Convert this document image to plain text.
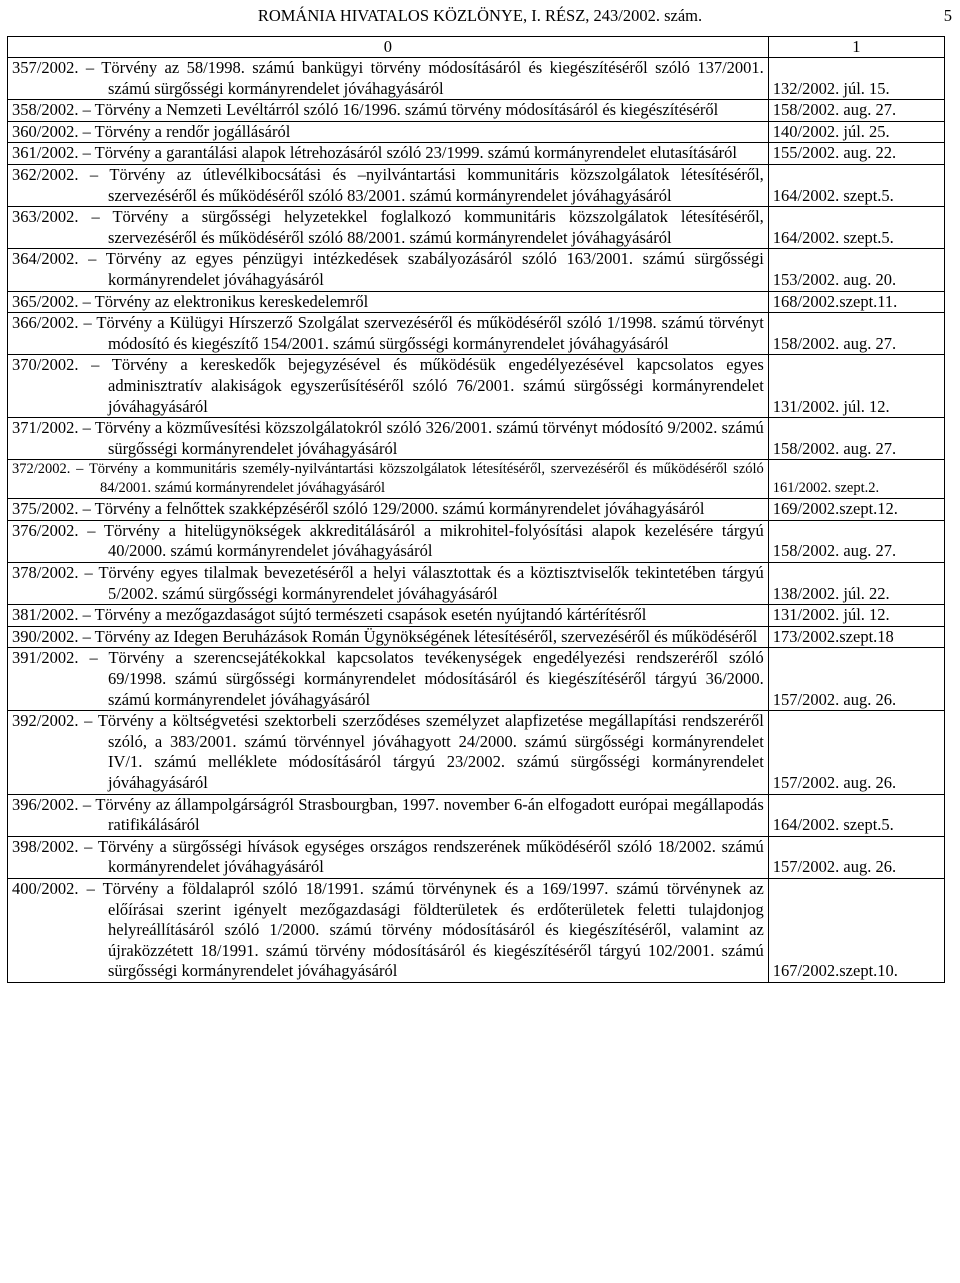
ROMÁNIA HIVATALOS KÖZLÖNYE, I. RÉSZ, 243/2002. szám.	5
0	1

357/2002. – Törvény az 58/1998. számú bankügyi törvény módosításáról és kiegészítéséről szóló 137/2001. számú sürgősségi kormányrendelet jóváhagyásáról	132/2002. júl. 15.

358/2002. – Törvény a Nemzeti Levéltárról szóló 16/1996. számú törvény módosításáról és kiegészítéséről	158/2002. aug. 27.

360/2002. – Törvény a rendőr jogállásáról	140/2002. júl. 25.

361/2002. – Törvény a garantálási alapok létrehozásáról szóló 23/1999. számú kormányrendelet elutasításáról	155/2002. aug. 22.

362/2002. – Törvény az útlevélkibocsátási és –nyilvántartási kommunitáris közszolgálatok létesítéséről, szervezéséről és működéséről szóló 83/2001. számú kormányrendelet jóváhagyásáról	164/2002. szept.5.

363/2002. – Törvény a sürgősségi helyzetekkel foglalkozó kommunitáris közszolgálatok létesítéséről, szervezéséről és működéséről szóló 88/2001. számú kormányrendelet jóváhagyásáról	164/2002. szept.5.

364/2002. – Törvény az egyes pénzügyi intézkedések szabályozásáról szóló 163/2001. számú sürgősségi kormányrendelet jóváhagyásáról	153/2002. aug. 20.

365/2002. – Törvény az elektronikus kereskedelemről	168/2002.szept.11.

366/2002. – Törvény a Külügyi Hírszerző Szolgálat szervezéséről és működéséről szóló 1/1998. számú törvényt módosító és kiegészítő 154/2001. számú sürgősségi kormányrendelet jóváhagyásáról	158/2002. aug. 27.

370/2002. – Törvény a kereskedők bejegyzésével és működésük engedélyezésével kapcsolatos egyes adminisztratív alakiságok egyszerűsítéséről szóló 76/2001. számú sürgősségi kormányrendelet jóváhagyásáról	131/2002. júl. 12.

371/2002. – Törvény a közművesítési közszolgálatokról szóló 326/2001. számú törvényt módosító 9/2002. számú sürgősségi kormányrendelet jóváhagyásáról	158/2002. aug. 27.

372/2002. – Törvény a kommunitáris személy-nyilvántartási közszolgálatok létesítéséről, szervezéséről és működéséről szóló 84/2001. számú kormányrendelet jóváhagyásáról	161/2002. szept.2.

375/2002. – Törvény a felnőttek szakképzéséről szóló 129/2000. számú kormányrendelet jóváhagyásáról	169/2002.szept.12.

376/2002. – Törvény a hitelügynökségek akkreditálásáról a mikrohitel-folyósítási alapok kezelésére tárgyú 40/2000. számú kormányrendelet jóváhagyásáról	158/2002. aug. 27.

378/2002. – Törvény egyes tilalmak bevezetéséről a helyi választottak és a köztisztviselők tekintetében tárgyú 5/2002. számú sürgősségi kormányrendelet jóváhagyásáról	138/2002. júl. 22.

381/2002. – Törvény a mezőgazdaságot sújtó természeti csapások esetén nyújtandó kártérítésről	131/2002. júl. 12.

390/2002. – Törvény az Idegen Beruházások Román Ügynökségének létesítéséről, szervezéséről és működéséről	173/2002.szept.18

391/2002. – Törvény a szerencsejátékokkal kapcsolatos tevékenységek engedélyezési rendszeréről szóló 69/1998. számú sürgősségi kormányrendelet módosításáról és kiegészítéséről tárgyú 36/2000. számú kormányrendelet jóváhagyásáról	157/2002. aug. 26.

392/2002. – Törvény a költségvetési szektorbeli szerződéses személyzet alapfizetése megállapítási rendszeréről szóló, a 383/2001. számú törvénnyel jóváhagyott 24/2000. számú sürgősségi kormányrendelet IV/1. számú melléklete módosításáról tárgyú 23/2002. számú sürgősségi kormányrendelet jóváhagyásáról	157/2002. aug. 26.

396/2002. – Törvény az állampolgárságról Strasbourgban, 1997. november 6-án elfogadott európai megállapodás ratifikálásáról	164/2002. szept.5.

398/2002. – Törvény a sürgősségi hívások egységes országos rendszerének működéséről szóló 18/2002. számú kormányrendelet jóváhagyásáról	157/2002. aug. 26.

400/2002. – Törvény a földalapról szóló 18/1991. számú törvénynek és a 169/1997. számú törvénynek az előírásai szerint igényelt mezőgazdasági földterületek és erdőterületek feletti tulajdonjog helyreállításáról szóló 1/2000. számú törvény módosításáról és kiegészítéséről, valamint az újraközzétett 18/1991. számú törvény módosításáról és kiegészítéséről tárgyú 102/2001. számú sürgősségi kormányrendelet jóváhagyásáról	167/2002.szept.10.
